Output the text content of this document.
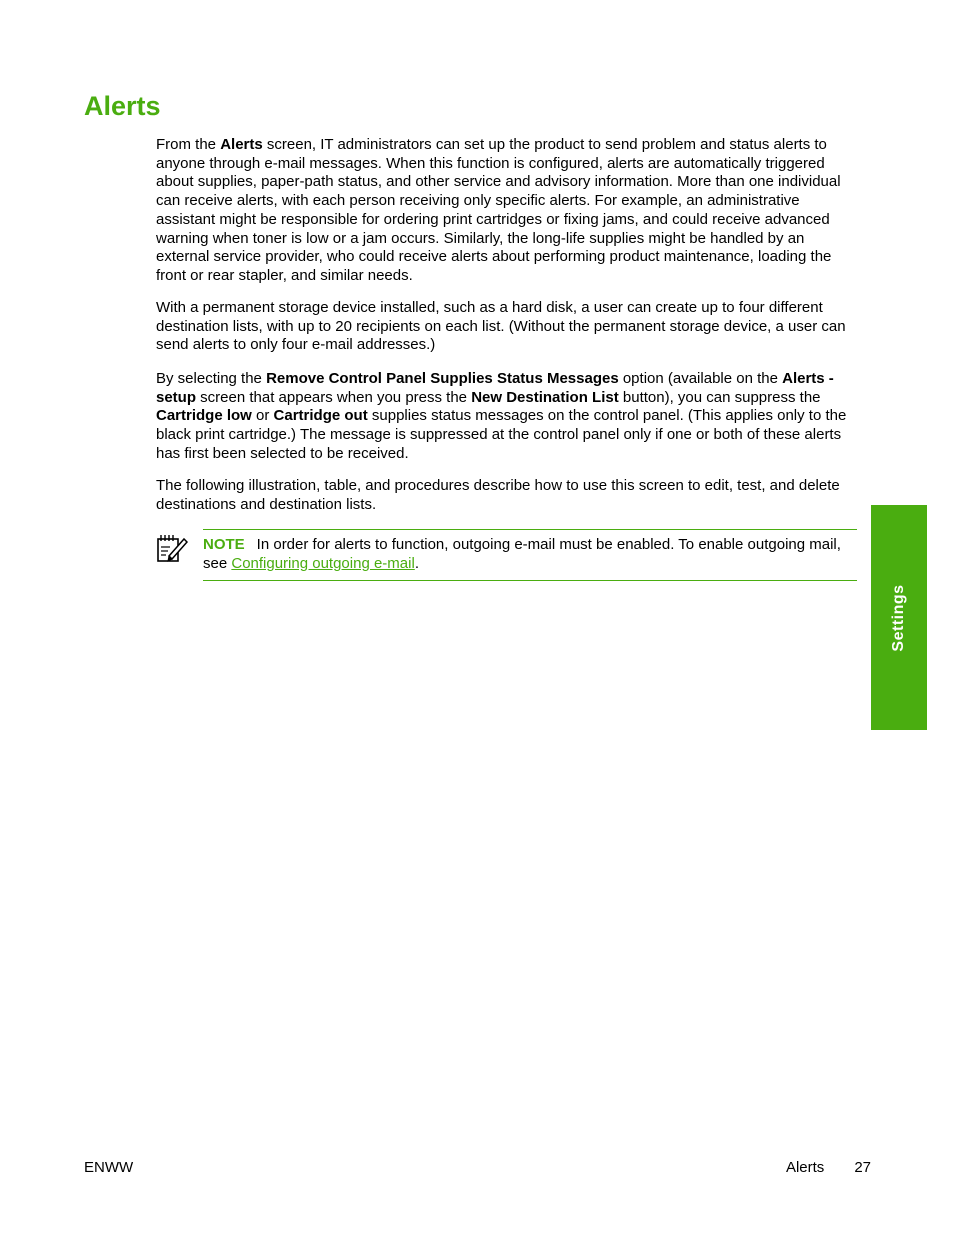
Alerts

From the Alerts screen, IT administrators can set up the product to send problem and status alerts to anyone through e-mail messages. When this function is configured, alerts are automatically triggered about supplies, paper-path status, and other service and advisory information. More than one individual can receive alerts, with each person receiving only specific alerts. For example, an administrative assistant might be responsible for ordering print cartridges or fixing jams, and could receive advanced warning when toner is low or a jam occurs. Similarly, the long-life supplies might be handled by an external service provider, who could receive alerts about performing product maintenance, loading the front or rear stapler, and similar needs.

With a permanent storage device installed, such as a hard disk, a user can create up to four different destination lists, with up to 20 recipients on each list. (Without the permanent storage device, a user can send alerts to only four e-mail addresses.)

By selecting the Remove Control Panel Supplies Status Messages option (available on the Alerts - setup screen that appears when you press the New Destination List button), you can suppress the Cartridge low or Cartridge out supplies status messages on the control panel. (This applies only to the black print cartridge.) The message is suppressed at the control panel only if one or both of these alerts has first been selected to be received.

The following illustration, table, and procedures describe how to use this screen to edit, test, and delete destinations and destination lists.

NOTE In order for alerts to function, outgoing e-mail must be enabled. To enable outgoing mail, see Configuring outgoing e-mail.

Settings
ENWW	Alerts 27
